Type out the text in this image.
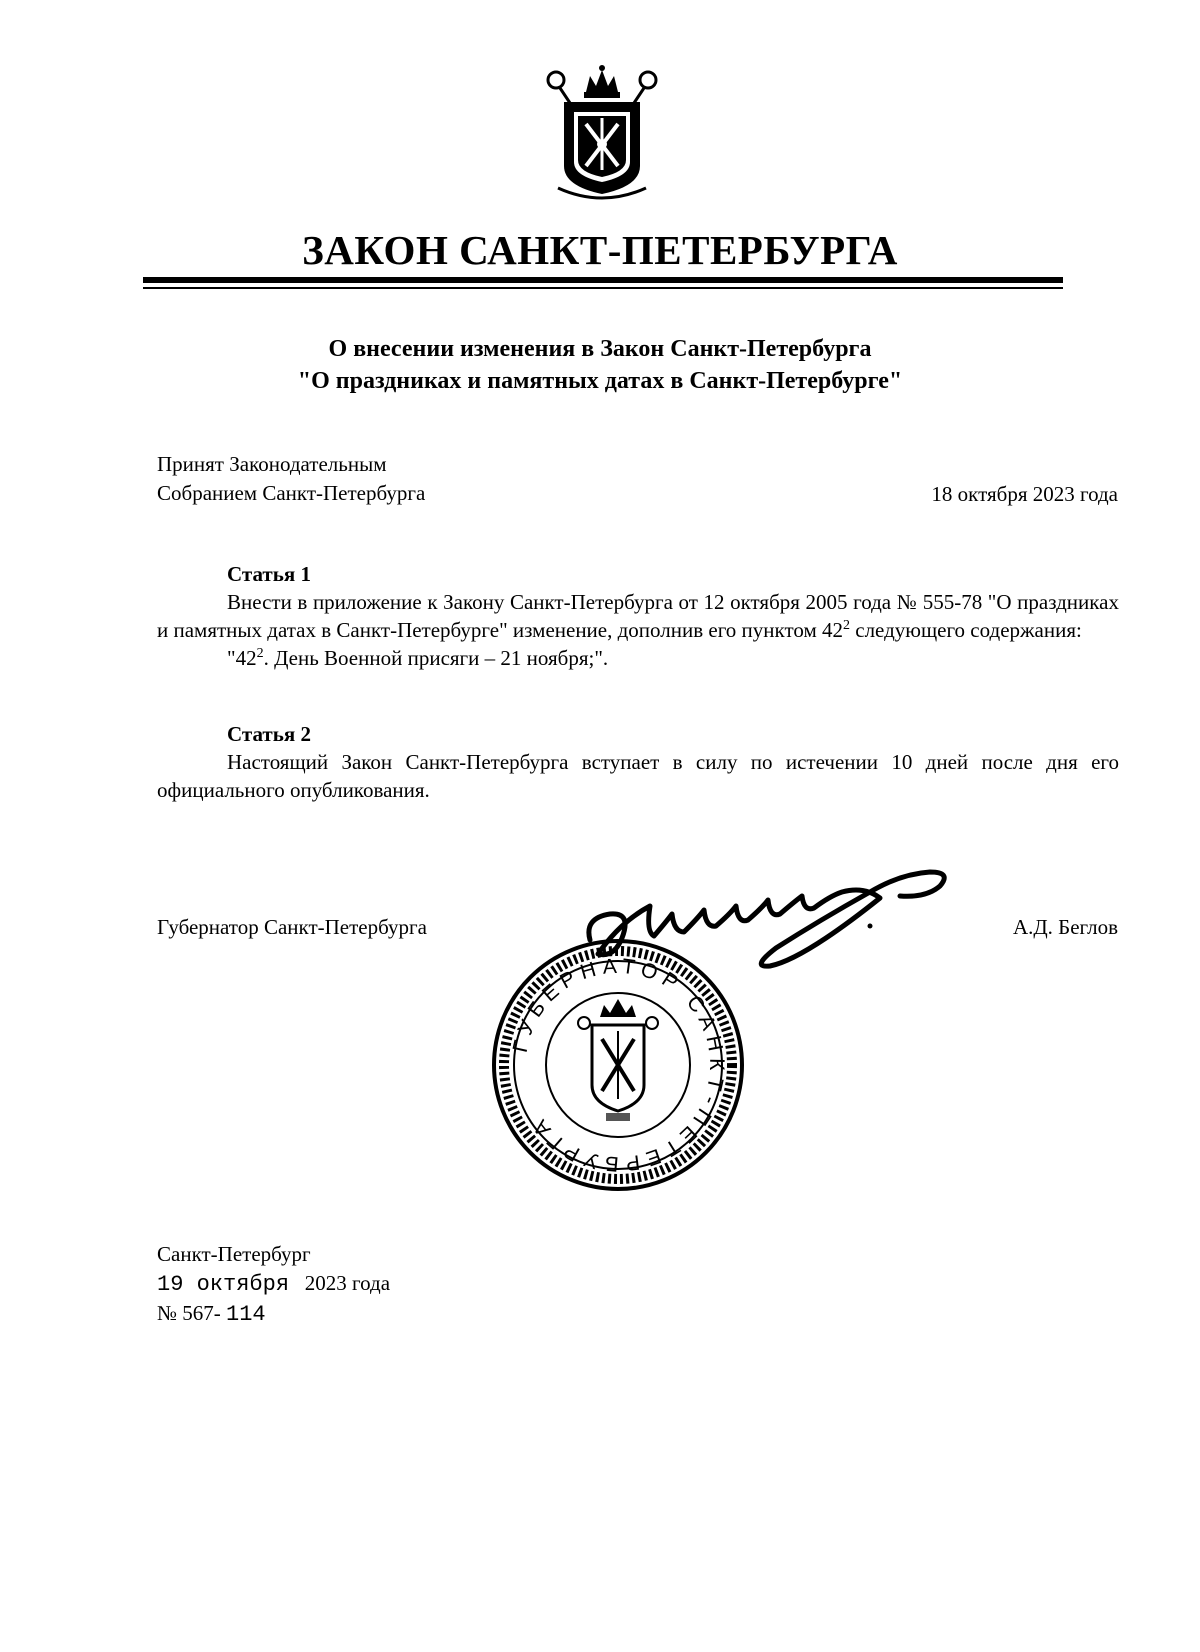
ЗАКОН САНКТ-ПЕТЕРБУРГА
О внесении изменения в Закон Санкт-Петербурга
"О праздниках и памятных датах в Санкт-Петербурге"
Принят Законодательным
Собранием Санкт-Петербурга	18 октября 2023 года
Статья 1
Внести в приложение к Закону Санкт-Петербурга от 12 октября 2005 года № 555-78 "О праздниках и памятных датах в Санкт-Петербурге" изменение, дополнив его пунктом $42^2$ следующего содержания:
"$42^2$. День Военной присяги – 21 ноября;".
Статья 2
Настоящий Закон Санкт-Петербурга вступает в силу по истечении 10 дней после дня его официального опубликования.
Губернатор Санкт-Петербурга	А.Д. Беглов
ГУБЕРНАТОР САНКТ-ПЕТЕРБУРГА
Санкт-Петербург
19 октября 2023 года
№ 567- 114
